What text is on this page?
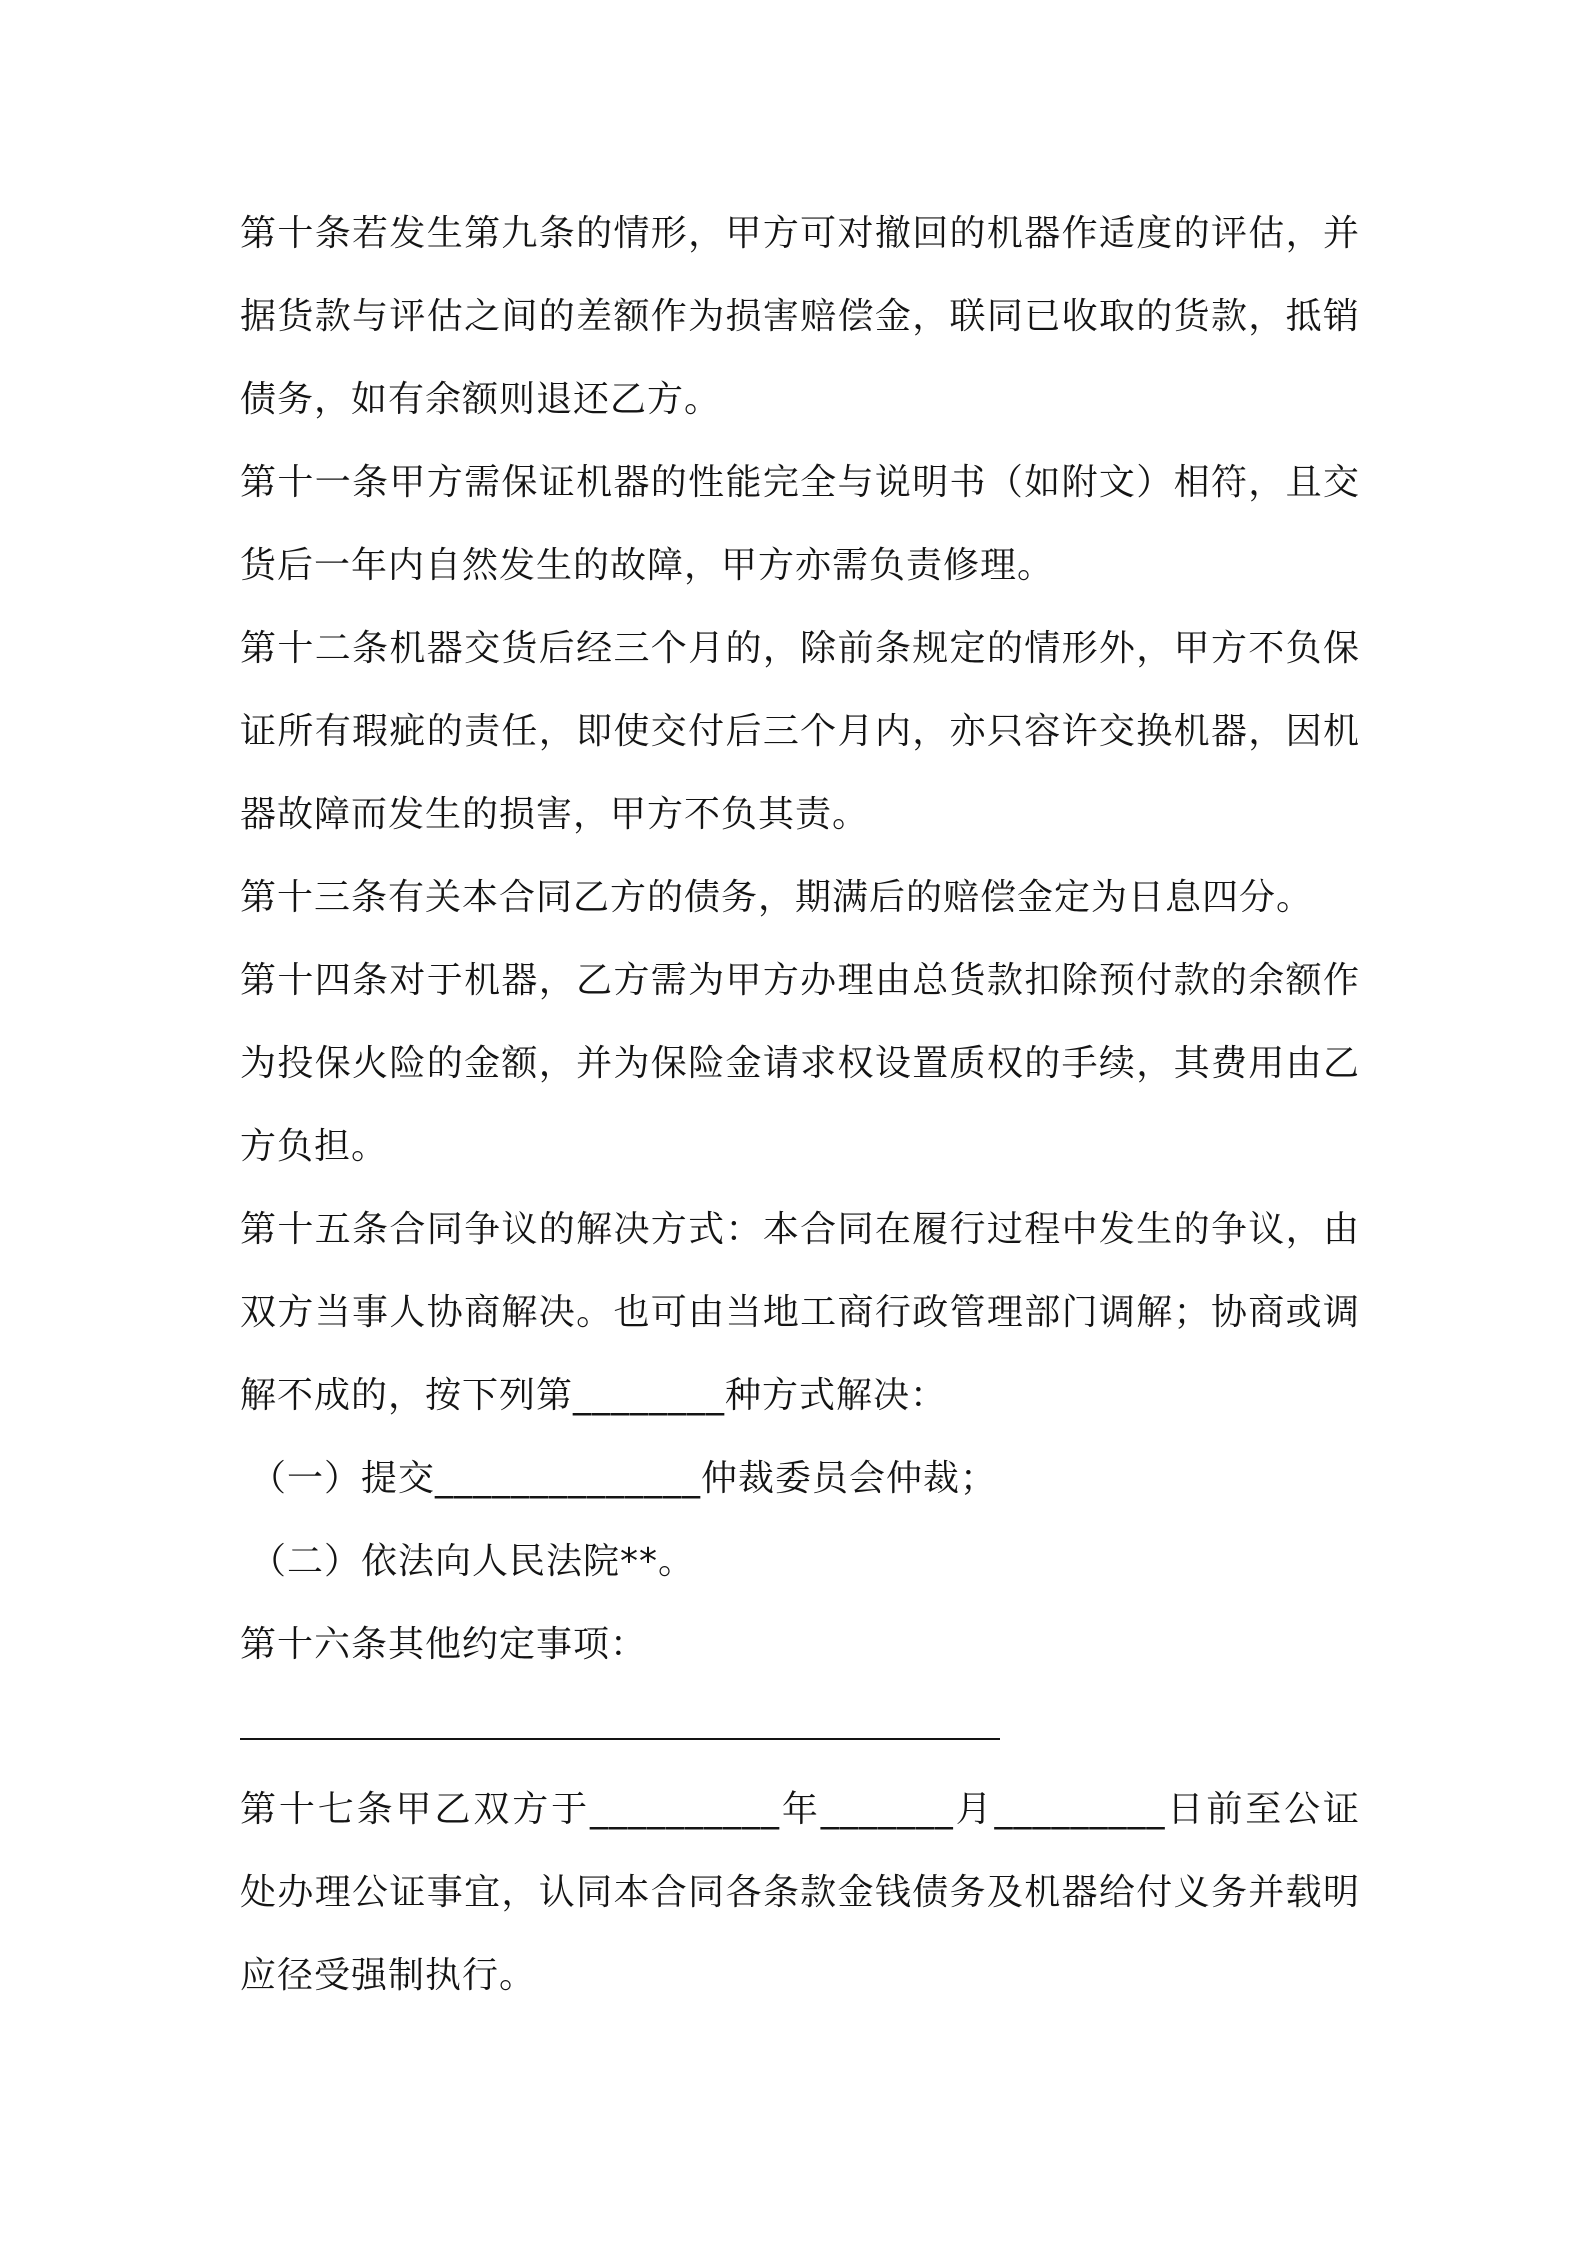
第十条若发生第九条的情形，甲方可对撤回的机器作适度的评估，并据货款与评估之间的差额作为损害赔偿金，联同已收取的货款，抵销债务，如有余额则退还乙方。

第十一条甲方需保证机器的性能完全与说明书（如附文）相符，且交货后一年内自然发生的故障，甲方亦需负责修理。

第十二条机器交货后经三个月的，除前条规定的情形外，甲方不负保证所有瑕疵的责任，即使交付后三个月内，亦只容许交换机器，因机器故障而发生的损害，甲方不负其责。

第十三条有关本合同乙方的债务，期满后的赔偿金定为日息四分。

第十四条对于机器，乙方需为甲方办理由总货款扣除预付款的余额作为投保火险的金额，并为保险金请求权设置质权的手续，其费用由乙方负担。

第十五条合同争议的解决方式：本合同在履行过程中发生的争议，由双方当事人协商解决。也可由当地工商行政管理部门调解；协商或调解不成的，按下列第________种方式解决：

（一）提交______________仲裁委员会仲裁；

（二）依法向人民法院**。

第十六条其他约定事项：

第十七条甲乙双方于__________年_______月_________日前至公证处办理公证事宜，认同本合同各条款金钱债务及机器给付义务并载明应径受强制执行。
